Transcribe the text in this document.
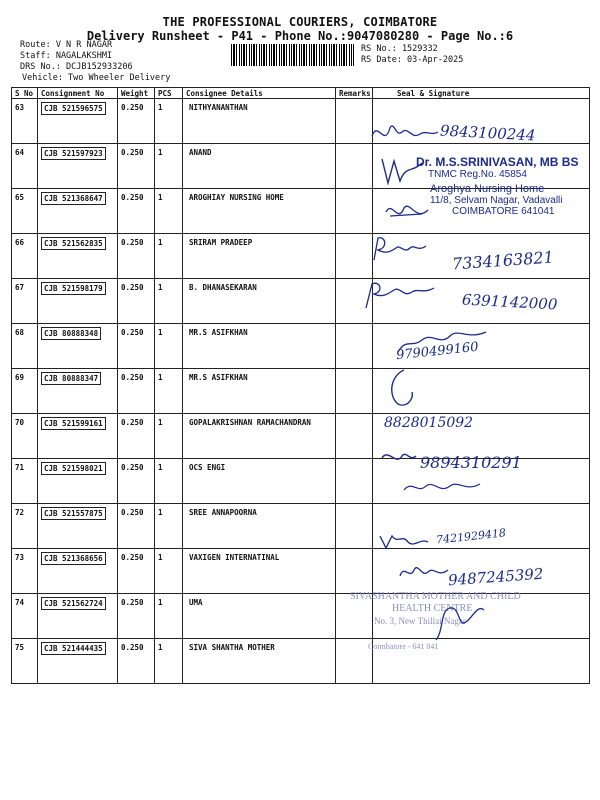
THE PROFESSIONAL COURIERS, COIMBATORE
Delivery Runsheet - P41 - Phone No.:9047080280 - Page No.:6
Route: V N R NAGAR
Staff: NAGALAKSHMI
DRS No.: DCJB152933206
Vehicle: Two Wheeler Delivery
RS No.: 1529332
RS Date: 03-Apr-2025
S No	Consignment No	Weight	PCS	Consignee Details	Remarks	Seal & Signature
63	CJB 521596575	0.250	1	NITHYANANTHAN		
64	CJB 521597923	0.250	1	ANAND		
65	CJB 521368647	0.250	1	AROGHIAY NURSING HOME		
66	CJB 521562835	0.250	1	SRIRAM PRADEEP		
67	CJB 521598179	0.250	1	B. DHANASEKARAN		
68	CJB 80888348	0.250	1	MR.S ASIFKHAN		
69	CJB 80888347	0.250	1	MR.S ASIFKHAN		
70	CJB 521599161	0.250	1	GOPALAKRISHNAN RAMACHANDRAN		
71	CJB 521598021	0.250	1	OCS ENGI		
72	CJB 521557875	0.250	1	SREE ANNAPOORNA		
73	CJB 521368656	0.250	1	VAXIGEN INTERNATINAL		
74	CJB 521562724	0.250	1	UMA		
75	CJB 521444435	0.250	1	SIVA SHANTHA MOTHER		
9843100244
Dr. M.S.SRINIVASAN, MB BS
TNMC Reg.No. 45854
Aroghya Nursing Home
11/8, Selvam Nagar, Vadavalli
COIMBATORE 641041
7334163821
6391142000
9790499160
8828015092
9894310291
7421929418
9487245392
SIVASHANTHA MOTHER AND CHILD
HEALTH CENTRE
No. 3, New Thillai Nagar
Coimbatore - 641 041
